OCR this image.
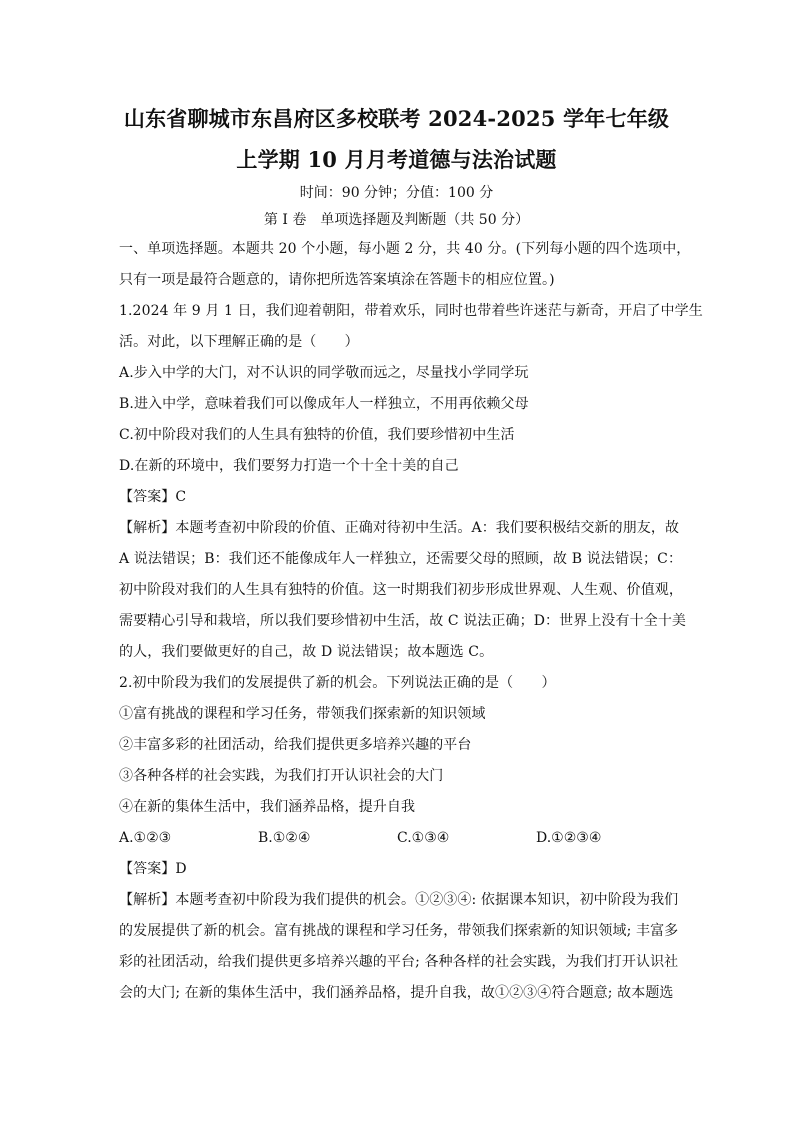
山东省聊城市东昌府区多校联考 2024-2025 学年七年级

上学期 10 月月考道德与法治试题

时间：90 分钟；分值：100 分

第 I 卷　单项选择题及判断题（共 50 分）

一、单项选择题。本题共 20 个小题，每小题 2 分，共 40 分。(下列每小题的四个选项中，

只有一项是最符合题意的，请你把所选答案填涂在答题卡的相应位置。)

1.2024 年 9 月 1 日，我们迎着朝阳，带着欢乐，同时也带着些许迷茫与新奇，开启了中学生

活。对此，以下理解正确的是（　　）

A.步入中学的大门，对不认识的同学敬而远之，尽量找小学同学玩

B.进入中学，意味着我们可以像成年人一样独立，不用再依赖父母

C.初中阶段对我们的人生具有独特的价值，我们要珍惜初中生活

D.在新的环境中，我们要努力打造一个十全十美的自己

【答案】C

【解析】本题考查初中阶段的价值、正确对待初中生活。A：我们要积极结交新的朋友，故

A 说法错误；B：我们还不能像成年人一样独立，还需要父母的照顾，故 B 说法错误；C：

初中阶段对我们的人生具有独特的价值。这一时期我们初步形成世界观、人生观、价值观，

需要精心引导和栽培，所以我们要珍惜初中生活，故 C 说法正确；D：世界上没有十全十美

的人，我们要做更好的自己，故 D 说法错误；故本题选 C。

2.初中阶段为我们的发展提供了新的机会。下列说法正确的是（　　）

①富有挑战的课程和学习任务，带领我们探索新的知识领域

②丰富多彩的社团活动，给我们提供更多培养兴趣的平台

③各种各样的社会实践，为我们打开认识社会的大门

④在新的集体生活中，我们涵养品格，提升自我

A.①②③	B.①②④	C.①③④	D.①②③④

【答案】D

【解析】本题考查初中阶段为我们提供的机会。①②③④: 依据课本知识，初中阶段为我们

的发展提供了新的机会。富有挑战的课程和学习任务，带领我们探索新的知识领域; 丰富多

彩的社团活动，给我们提供更多培养兴趣的平台; 各种各样的社会实践，为我们打开认识社

会的大门; 在新的集体生活中，我们涵养品格，提升自我，故①②③④符合题意; 故本题选
